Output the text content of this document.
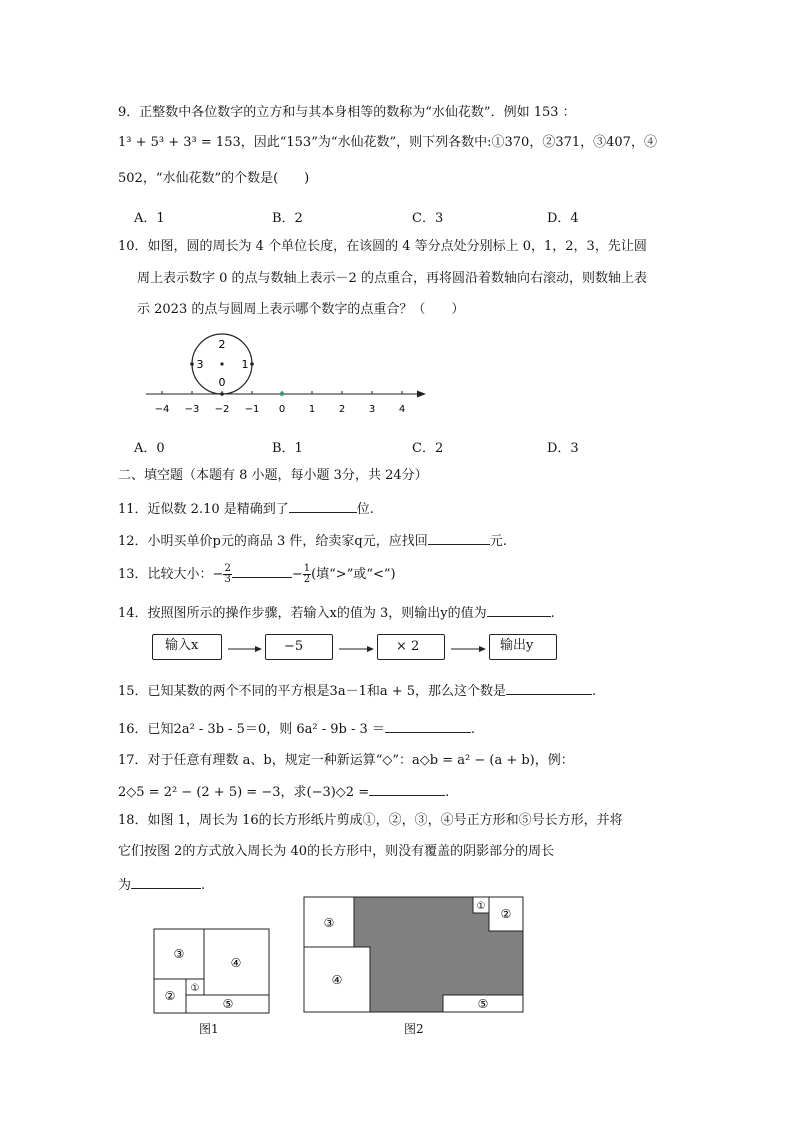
9．正整数中各位数字的立方和与其本身相等的数称为“水仙花数”．例如 153 ：
1³ + 5³ + 3³ = 153，因此“153”为“水仙花数”，则下列各数中:①370，②371，③407，④
502，“水仙花数”的个数是(　　)
A．1	B．2	C．3	D．4
10．如图，圆的周长为 4 个单位长度，在该圆的 4 等分点处分别标上 0，1，2，3，先让圆
周上表示数字 0 的点与数轴上表示－2 的点重合，再将圆沿着数轴向右滚动，则数轴上表
示 2023 的点与圆周上表示哪个数字的点重合？（　　）
−4 −3 −2 −1 0 1 2 3 4
2
3	1
0
A．0	B．1	C．2	D．3
二、填空题（本题有 8 小题，每小题 3分，共 24分）
11．近似数 2.10 是精确到了	位.
12．小明买单价p元的商品 3 件，给卖家q元，应找回	元.
13．比较大小：− $\frac{2}{3}$	− $\frac{1}{2}$ (填“>”或“<”)
14．按照图所示的操作步骤，若输入x的值为 3，则输出y的值为	.
输入x	−5	× 2	输出y
15．已知某数的两个不同的平方根是3a－1和a + 5，那么这个数是	.
16．已知2a² - 3b - 5＝0，则 6a² - 9b - 3 ＝	.
17．对于任意有理数 a、b，规定一种新运算“◇”：a◇b = a² − (a + b)，例：
2◇5 = 2² − (2 + 5) = −3，求(−3)◇2 =	.
18．如图 1，周长为 16的长方形纸片剪成①，②，③，④号正方形和⑤号长方形，并将
它们按图 2的方式放入周长为 40的长方形中，则没有覆盖的阴影部分的周长
为	.
③
④
②
①
⑤
图1
③
①
②
④
⑤
图2
